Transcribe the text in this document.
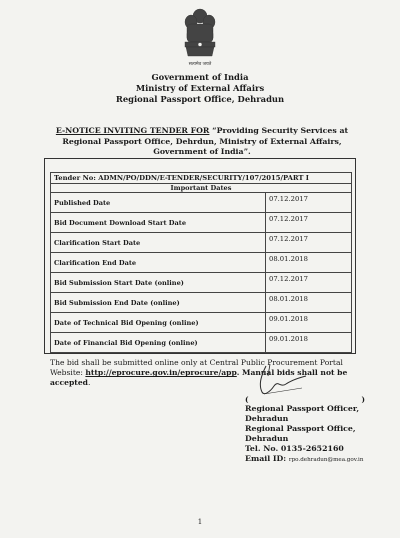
सत्यमेव जयते
Government of India
Ministry of External Affairs
Regional Passport Office, Dehradun
E-NOTICE INVITING TENDER FOR “Providing Security Services at Regional Passport Office, Dehrdun, Ministry of External Affairs, Government of India”.
Tender No: ADMN/PO/DDN/E-TENDER/SECURITY/107/2015/PART I	
Important Dates	
Published Date	07.12.2017
Bid Document Download Start Date	07.12.2017
Clarification Start Date	07.12.2017
Clarification End Date	08.01.2018
Bid Submission Start Date (online)	07.12.2017
Bid Submission End Date (online)	08.01.2018
Date of Technical Bid Opening (online)	09.01.2018
Date of Financial Bid Opening (online)	09.01.2018
The bid shall be submitted online only at Central Public Procurement Portal
Website: http://eprocure.gov.in/eprocure/app. Manual bids shall not be accepted.
(	)
Regional Passport Officer,
Dehradun
Regional Passport Office,
Dehradun
Tel. No. 0135-2652160
Email ID: rpo.dehradun@mea.gov.in
1
